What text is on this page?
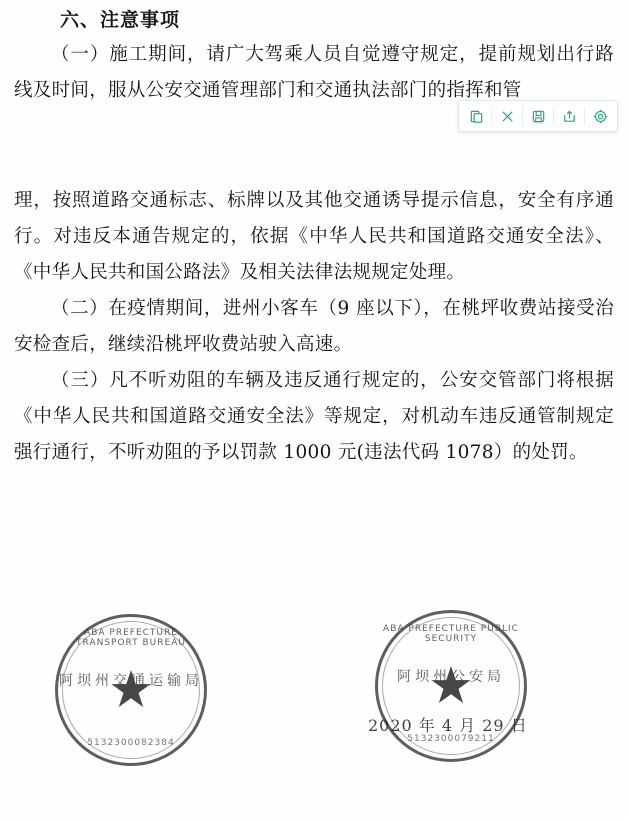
六、注意事项

（一）施工期间，请广大驾乘人员自觉遵守规定，提前规划出行路线及时间，服从公安交通管理部门和交通执法部门的指挥和管

理，按照道路交通标志、标牌以及其他交通诱导提示信息，安全有序通行。对违反本通告规定的，依据《中华人民共和国道路交通安全法》、《中华人民共和国公路法》及相关法律法规规定处理。

（二）在疫情期间，进州小客车（9 座以下），在桃坪收费站接受治安检查后，继续沿桃坪收费站驶入高速。

（三）凡不听劝阻的车辆及违反通行规定的，公安交管部门将根据《中华人民共和国道路交通安全法》等规定，对机动车违反通管制规定强行通行，不听劝阻的予以罚款 1000 元(违法代码 1078）的处罚。

ABA PREFECTURE TRANSPORT BUREAU
阿坝州交通运输局
5132300082384
ABA PREFECTURE PUBLIC SECURITY
阿坝州公安局
5132300079211
2020 年 4 月 29 日
